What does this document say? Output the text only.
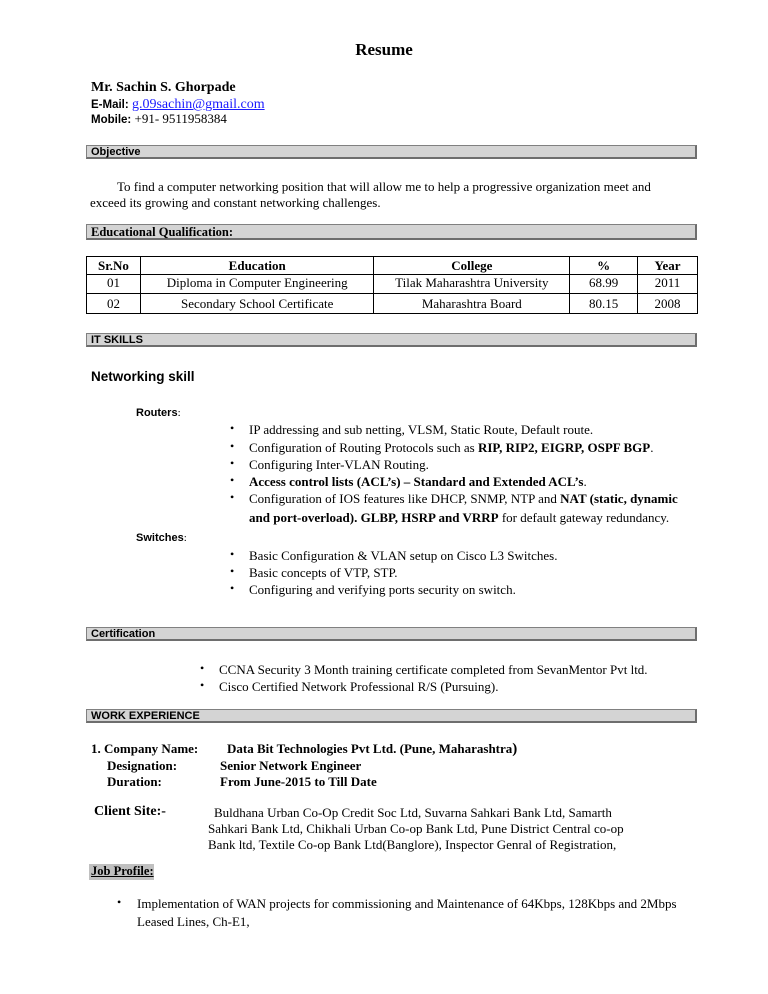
Resume
Mr. Sachin S. Ghorpade
E-Mail: g.09sachin@gmail.com
Mobile: +91- 9511958384
Objective
To find a computer networking position that will allow me to help a progressive organization meet and
exceed its growing and constant networking challenges.
Educational Qualification:
Sr.No	Education	College	%	Year
01	Diploma in Computer Engineering	Tilak Maharashtra University	68.99	2011
02	Secondary School Certificate	Maharashtra Board	80.15	2008
IT SKILLS
Networking skill
Routers:
• IP addressing and sub netting, VLSM, Static Route, Default route.
• Configuration of Routing Protocols such as RIP, RIP2, EIGRP, OSPF BGP.
• Configuring Inter-VLAN Routing.
• Access control lists (ACL’s) – Standard and Extended ACL’s.
• Configuration of IOS features like DHCP, SNMP, NTP and NAT (static, dynamic
and port-overload). GLBP, HSRP and VRRP for default gateway redundancy.
Switches:
• Basic Configuration & VLAN setup on Cisco L3 Switches.
• Basic concepts of VTP, STP.
• Configuring and verifying ports security on switch.
Certification
• CCNA Security 3 Month training certificate completed from SevanMentor Pvt ltd.
• Cisco Certified Network Professional R/S (Pursuing).
WORK EXPERIENCE
1. Company Name: Data Bit Technologies Pvt Ltd. (Pune, Maharashtra)
Designation:	Senior Network Engineer
Duration:	From June-2015 to Till Date
Client Site:-	Buldhana Urban Co-Op Credit Soc Ltd, Suvarna Sahkari Bank Ltd, Samarth
Sahkari Bank Ltd, Chikhali Urban Co-op Bank Ltd, Pune District Central co-op
Bank ltd, Textile Co-op Bank Ltd(Banglore), Inspector Genral of Registration,
Job Profile:
• Implementation of WAN projects for commissioning and Maintenance of 64Kbps, 128Kbps and 2Mbps
Leased Lines, Ch-E1,
